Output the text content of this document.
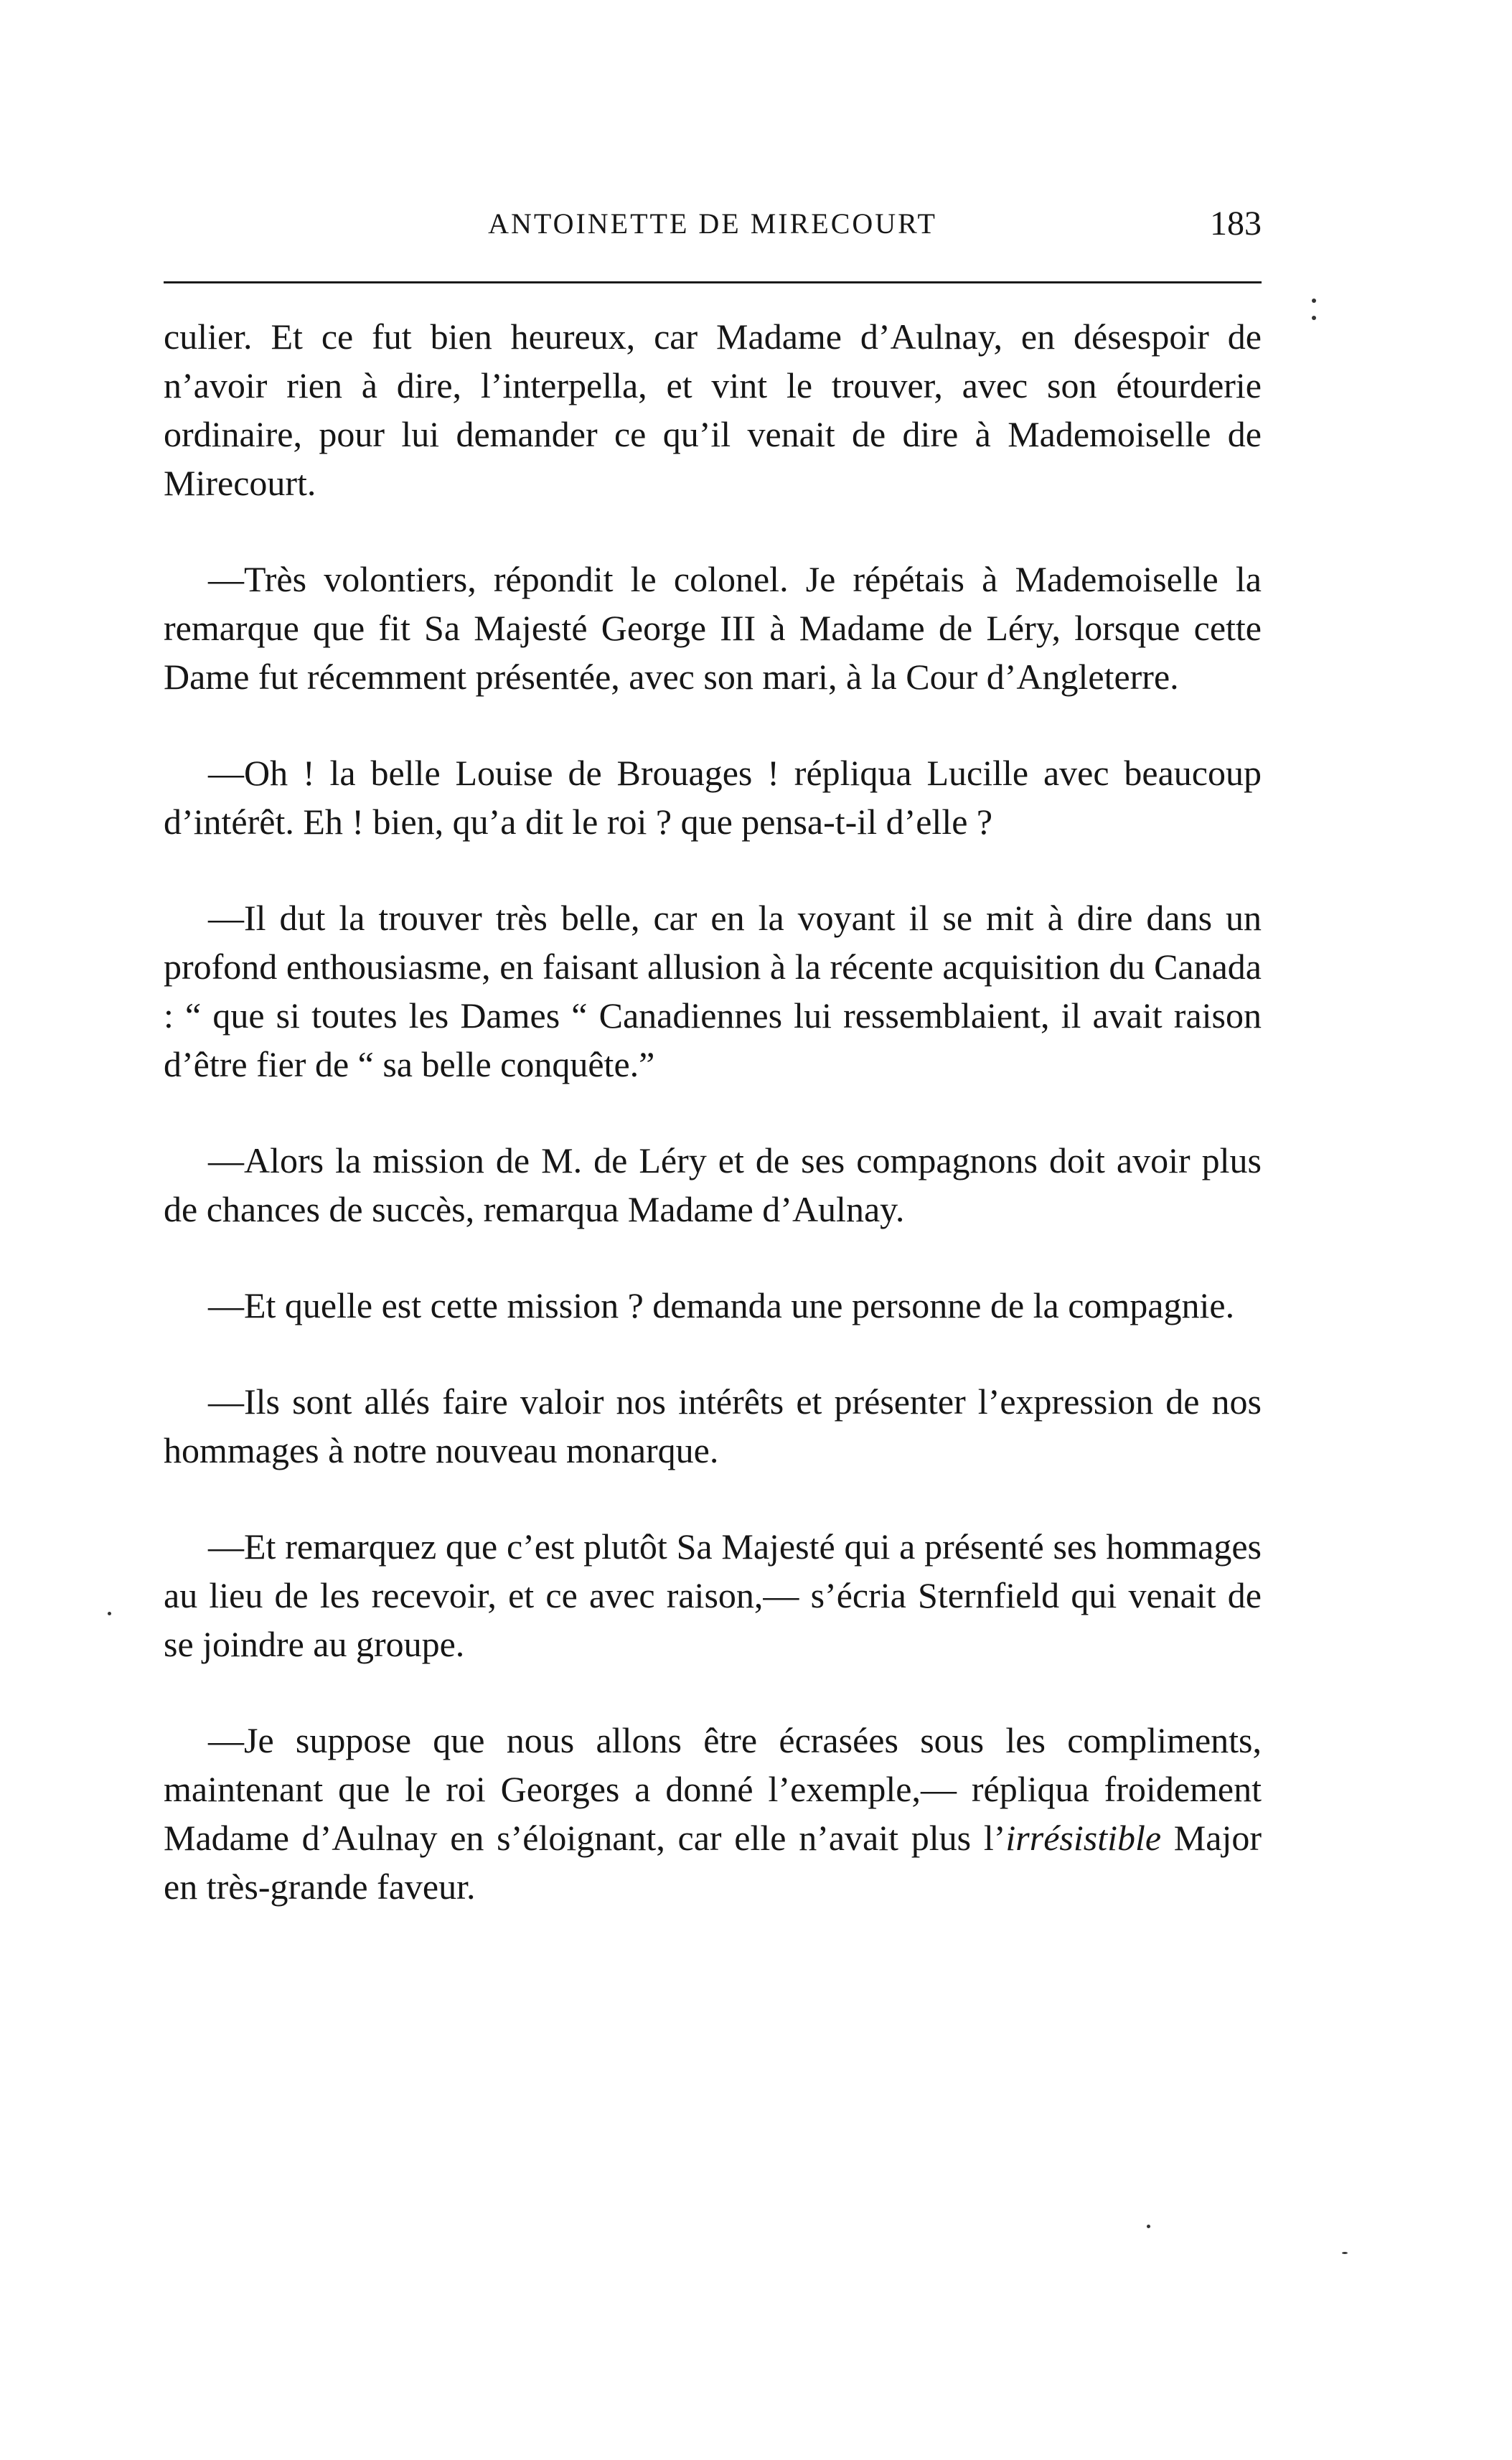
ANTOINETTE DE MIRECOURT	183

culier. Et ce fut bien heureux, car Madame d’Aulnay, en désespoir de n’avoir rien à dire, l’interpella, et vint le trouver, avec son étourderie ordinaire, pour lui demander ce qu’il venait de dire à Mademoiselle de Mirecourt.

—Très volontiers, répondit le colonel. Je répétais à Mademoiselle la remarque que fit Sa Majesté George III à Madame de Léry, lorsque cette Dame fut récemment présentée, avec son mari, à la Cour d’Angleterre.

—Oh ! la belle Louise de Brouages ! répliqua Lucille avec beaucoup d’intérêt. Eh ! bien, qu’a dit le roi ? que pensa-t-il d’elle ?

—Il dut la trouver très belle, car en la voyant il se mit à dire dans un profond enthousiasme, en faisant allusion à la récente acquisition du Canada : “ que si toutes les Dames “ Canadiennes lui ressemblaient, il avait raison d’être fier de “ sa belle conquête.”

—Alors la mission de M. de Léry et de ses compagnons doit avoir plus de chances de succès, remarqua Madame d’Aulnay.

—Et quelle est cette mission ? demanda une personne de la compagnie.

—Ils sont allés faire valoir nos intérêts et présenter l’expression de nos hommages à notre nouveau monarque.

—Et remarquez que c’est plutôt Sa Majesté qui a présenté ses hommages au lieu de les recevoir, et ce avec raison,— s’écria Sternfield qui venait de se joindre au groupe.

—Je suppose que nous allons être écrasées sous les compliments, maintenant que le roi Georges a donné l’exemple,— répliqua froidement Madame d’Aulnay en s’éloignant, car elle n’avait plus l’irrésistible Major en très-grande faveur.
